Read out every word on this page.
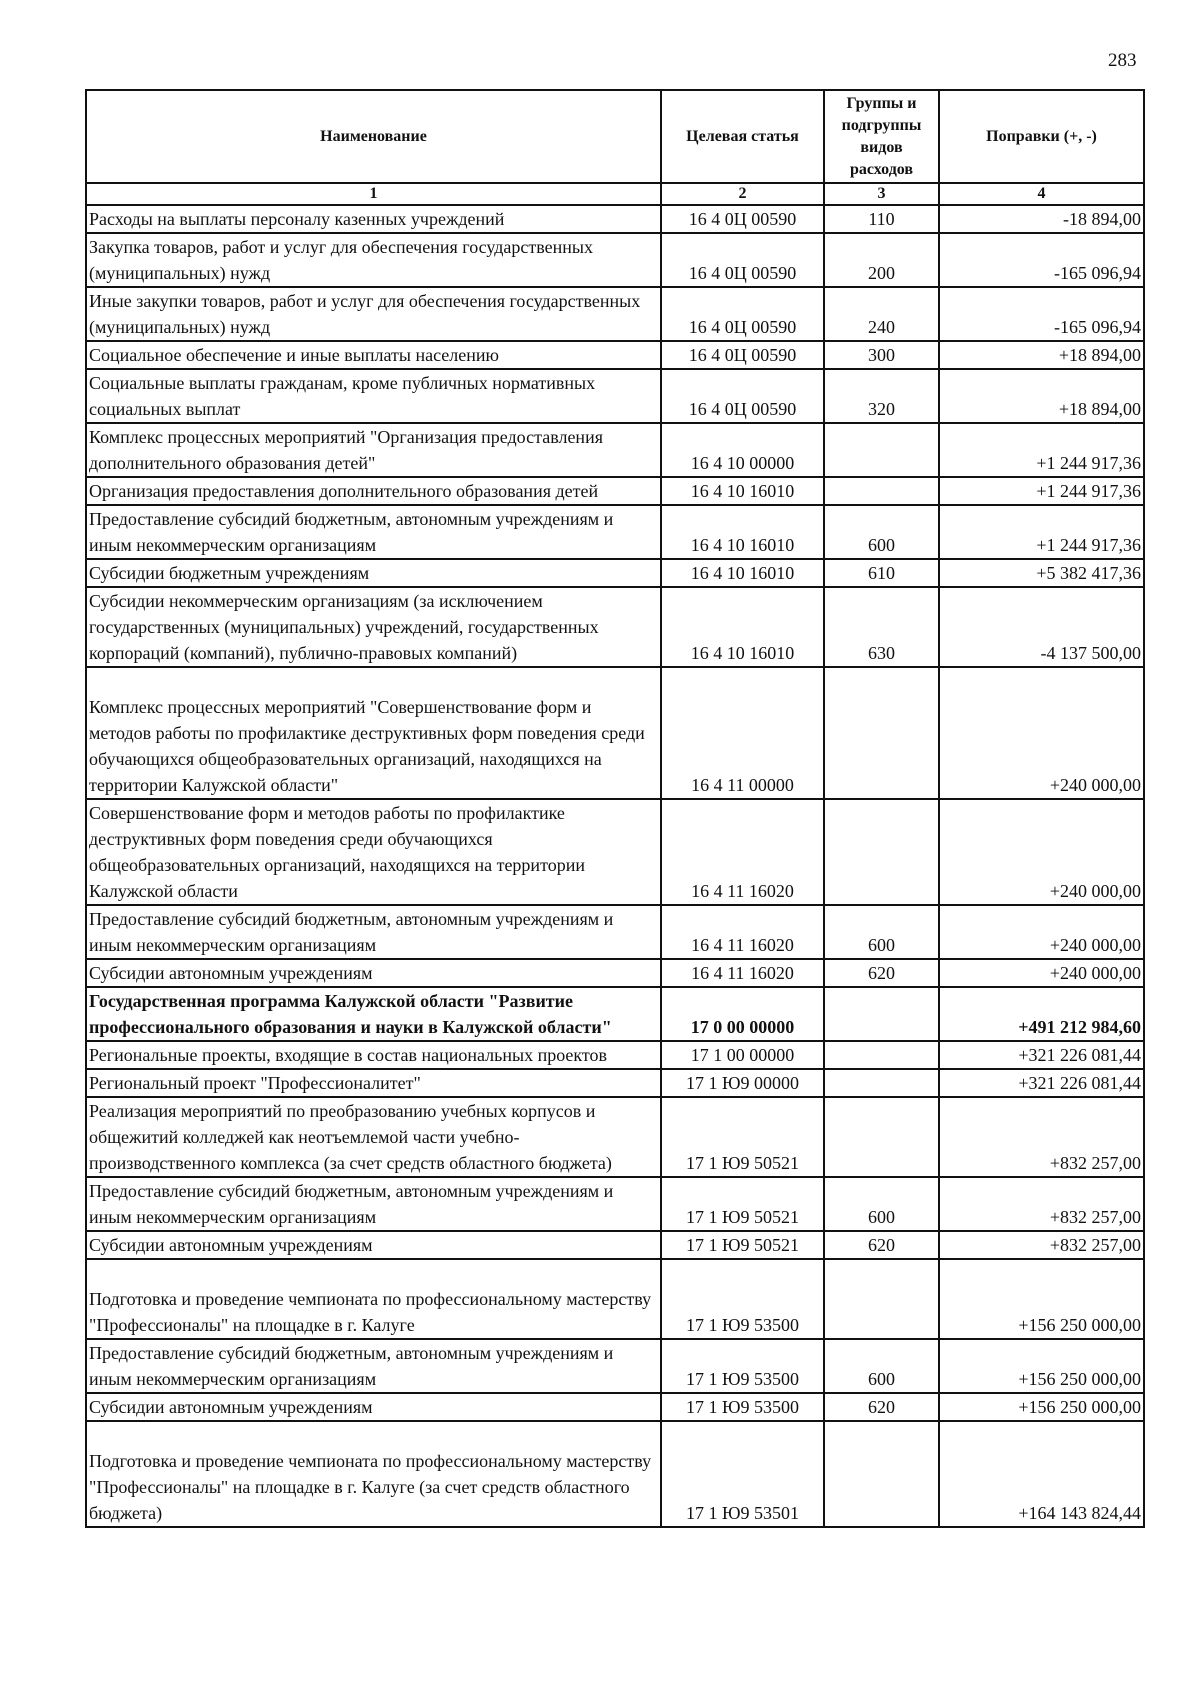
283
Наименование	Целевая статья	Группы и подгруппы видов расходов	Поправки (+, -)
1	2	3	4
Расходы на выплаты персоналу казенных учреждений	16 4 0Ц 00590	110	-18 894,00
Закупка товаров, работ и услуг для обеспечения государственных (муниципальных) нужд	16 4 0Ц 00590	200	-165 096,94
Иные закупки товаров, работ и услуг для обеспечения государственных (муниципальных) нужд	16 4 0Ц 00590	240	-165 096,94
Социальное обеспечение и иные выплаты населению	16 4 0Ц 00590	300	+18 894,00
Социальные выплаты гражданам, кроме публичных нормативных социальных выплат	16 4 0Ц 00590	320	+18 894,00
Комплекс процессных мероприятий "Организация предоставления дополнительного образования детей"	16 4 10 00000		+1 244 917,36
Организация предоставления дополнительного образования детей	16 4 10 16010		+1 244 917,36
Предоставление субсидий бюджетным, автономным учреждениям и иным некоммерческим организациям	16 4 10 16010	600	+1 244 917,36
Субсидии бюджетным учреждениям	16 4 10 16010	610	+5 382 417,36
Субсидии некоммерческим организациям (за исключением государственных (муниципальных) учреждений, государственных корпораций (компаний), публично-правовых компаний)	16 4 10 16010	630	-4 137 500,00
Комплекс процессных мероприятий "Совершенствование форм и методов работы по профилактике деструктивных форм поведения среди обучающихся общеобразовательных организаций, находящихся на территории Калужской области"	16 4 11 00000		+240 000,00
Совершенствование форм и методов работы по профилактике деструктивных форм поведения среди обучающихся общеобразовательных организаций, находящихся на территории Калужской области	16 4 11 16020		+240 000,00
Предоставление субсидий бюджетным, автономным учреждениям и иным некоммерческим организациям	16 4 11 16020	600	+240 000,00
Субсидии автономным учреждениям	16 4 11 16020	620	+240 000,00
Государственная программа Калужской области "Развитие профессионального образования и науки в Калужской области"	17 0 00 00000		+491 212 984,60
Региональные проекты, входящие в состав национальных проектов	17 1 00 00000		+321 226 081,44
Региональный проект "Профессионалитет"	17 1 Ю9 00000		+321 226 081,44
Реализация мероприятий по преобразованию учебных корпусов и общежитий колледжей как неотъемлемой части учебно-производственного комплекса (за счет средств областного бюджета)	17 1 Ю9 50521		+832 257,00
Предоставление субсидий бюджетным, автономным учреждениям и иным некоммерческим организациям	17 1 Ю9 50521	600	+832 257,00
Субсидии автономным учреждениям	17 1 Ю9 50521	620	+832 257,00
Подготовка и проведение чемпионата по профессиональному мастерству "Профессионалы" на площадке в г. Калуге	17 1 Ю9 53500		+156 250 000,00
Предоставление субсидий бюджетным, автономным учреждениям и иным некоммерческим организациям	17 1 Ю9 53500	600	+156 250 000,00
Субсидии автономным учреждениям	17 1 Ю9 53500	620	+156 250 000,00
Подготовка и проведение чемпионата по профессиональному мастерству "Профессионалы" на площадке в г. Калуге (за счет средств областного бюджета)	17 1 Ю9 53501		+164 143 824,44
